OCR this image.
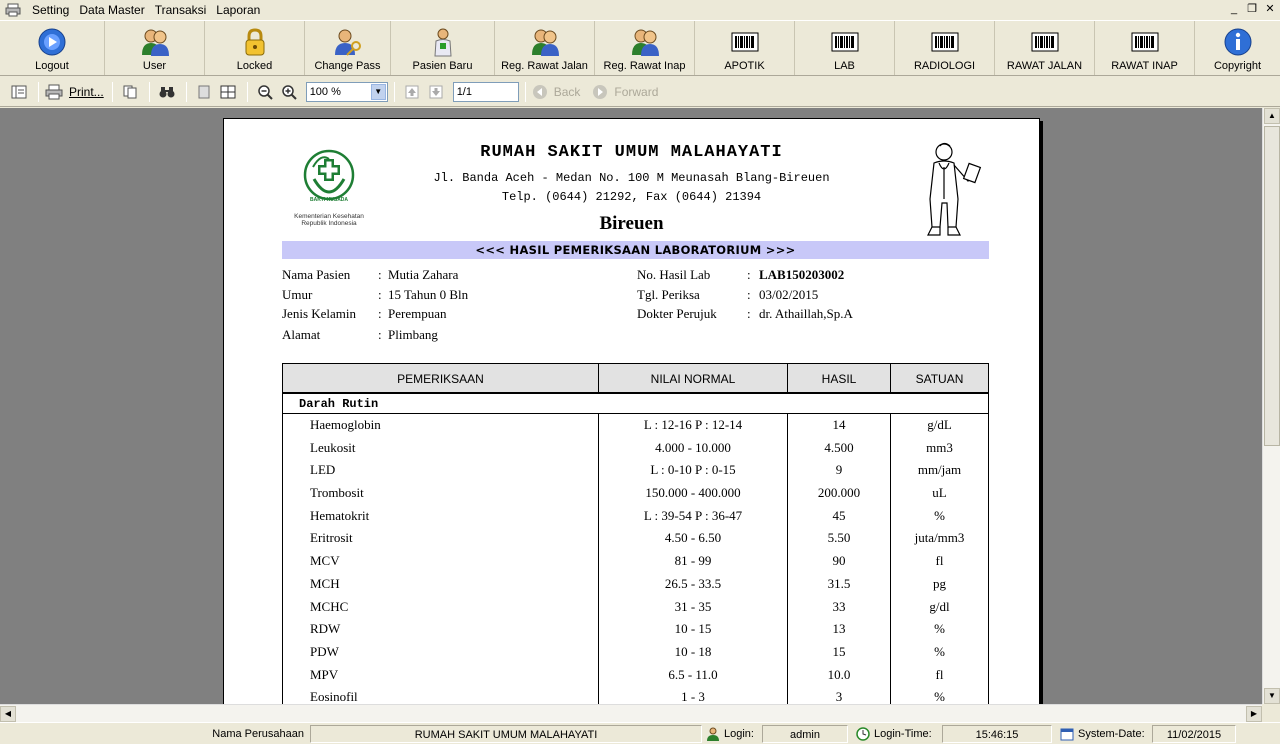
Setting Data Master Transaksi Laporan	_ ❐ ✕
Logout	User	Locked	Change Pass	Pasien Baru	Reg. Rawat Jalan Reg. Rawat Inap	APOTIK	LAB	RADIOLOGI	RAWAT JALAN	RAWAT INAP	Copyright
Print...	100 %	▼	1/1	Back	Forward
BAKTI HUSADA
Kementerian Kesehatan
Republik Indonesia
RUMAH SAKIT UMUM MALAHAYATI
Jl. Banda Aceh - Medan No. 100 M Meunasah Blang-Bireuen
Telp. (0644) 21292, Fax (0644) 21394
Bireuen
<<< HASIL PEMERIKSAAN LABORATORIUM >>>
Nama Pasien : Mutia Zahara
Umur	: 15 Tahun 0 Bln
Jenis Kelamin : Perempuan
Alamat	: Plimbang
No. Hasil Lab	: LAB150203002
Tgl. Periksa	: 03/02/2015
Dokter Perujuk : dr. Athaillah,Sp.A
PEMERIKSAAN	NILAI NORMAL	HASIL	SATUAN
Darah Rutin
Haemoglobin	L : 12-16 P : 12-14	14	g/dL
Leukosit	4.000 - 10.000	4.500	mm3
LED	L : 0-10 P : 0-15	9	mm/jam
Trombosit	150.000 - 400.000	200.000	uL
Hematokrit	L : 39-54 P : 36-47	45	%
Eritrosit	4.50 - 6.50	5.50	juta/mm3
MCV	81 - 99	90	fl
MCH	26.5 - 33.5	31.5	pg
MCHC	31 - 35	33	g/dl
RDW	10 - 15	13	%
PDW	10 - 18	15	%
MPV	6.5 - 11.0	10.0	fl
Eosinofil	1 - 3	3	%
▲
▼
◀	▶
Nama Perusahaan	RUMAH SAKIT UMUM MALAHAYATI	Login:	admin	Login-Time:	15:46:15	System-Date:	11/02/2015
